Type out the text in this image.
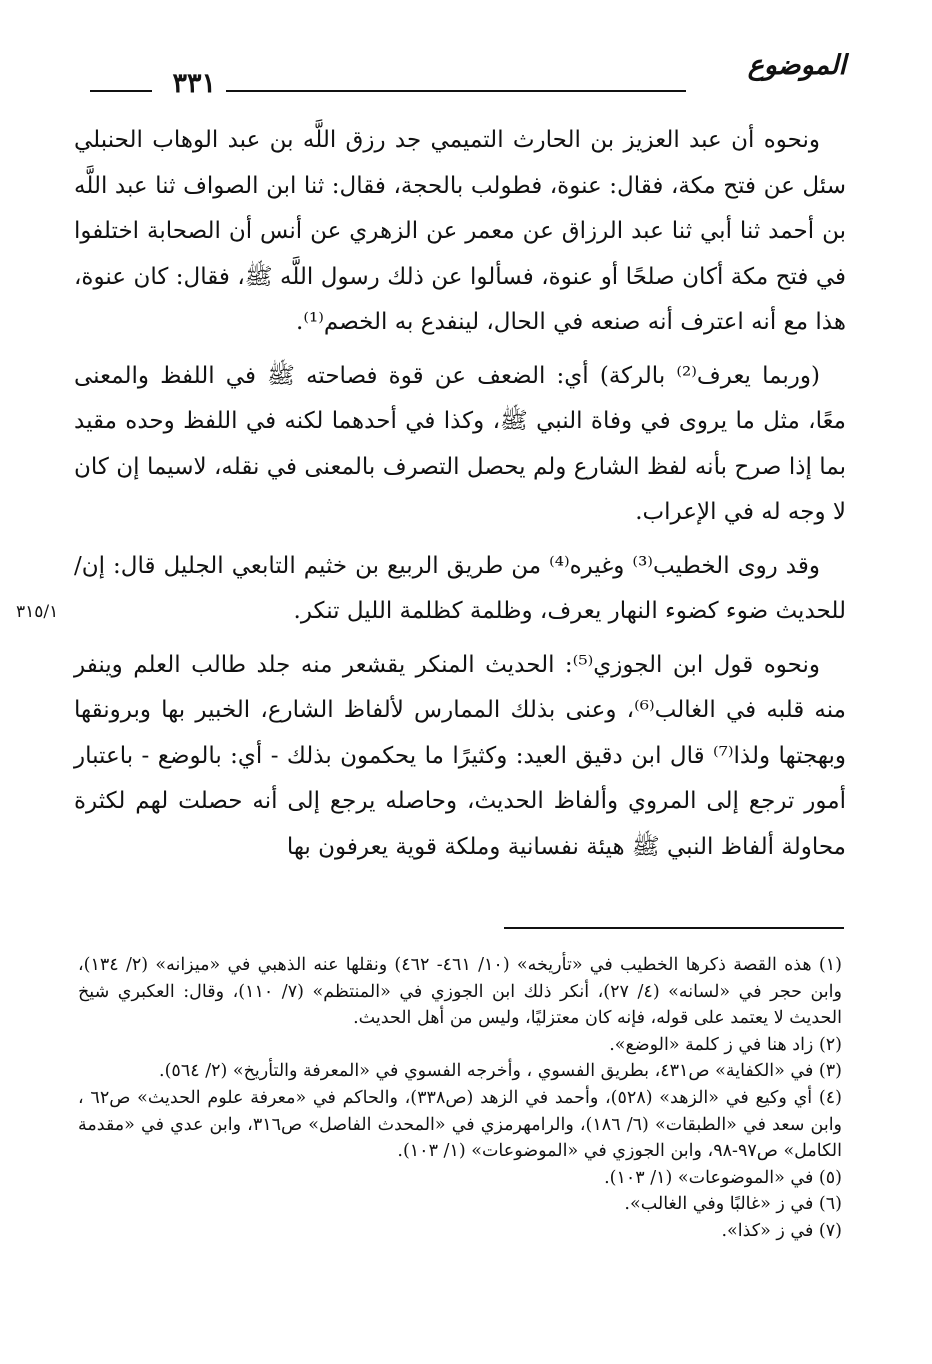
الموضوع
٣٣١

ونحوه أن عبد العزيز بن الحارث التميمي جد رزق اللَّه بن عبد الوهاب الحنبلي سئل عن فتح مكة، فقال: عنوة، فطولب بالحجة، فقال: ثنا ابن الصواف ثنا عبد اللَّه بن أحمد ثنا أبي ثنا عبد الرزاق عن معمر عن الزهري عن أنس أن الصحابة اختلفوا في فتح مكة أكان صلحًا أو عنوة، فسألوا عن ذلك رسول اللَّه ﷺ، فقال: كان عنوة، هذا مع أنه اعترف أنه صنعه في الحال، لينفدع به الخصم⁽¹⁾.

(وربما يعرف⁽²⁾ بالركة) أي: الضعف عن قوة فصاحته ﷺ في اللفظ والمعنى معًا، مثل ما يروى في وفاة النبي ﷺ، وكذا في أحدهما لكنه في اللفظ وحده مقيد بما إذا صرح بأنه لفظ الشارع ولم يحصل التصرف بالمعنى في نقله، لاسيما إن كان لا وجه له في الإعراب.

وقد روى الخطيب⁽³⁾ وغيره⁽⁴⁾ من طريق الربيع بن خثيم التابعي الجليل قال: إن/ للحديث ضوء كضوء النهار يعرف، وظلمة كظلمة الليل تنكر.

ونحوه قول ابن الجوزي⁽⁵⁾: الحديث المنكر يقشعر منه جلد طالب العلم وينفر منه قلبه في الغالب⁽⁶⁾، وعنى بذلك الممارس لألفاظ الشارع، الخبير بها وبرونقها وبهجتها ولذا⁽⁷⁾ قال ابن دقيق العيد: وكثيرًا ما يحكمون بذلك - أي: بالوضع - باعتبار أمور ترجع إلى المروي وألفاظ الحديث، وحاصله يرجع إلى أنه حصلت لهم لكثرة محاولة ألفاظ النبي ﷺ هيئة نفسانية وملكة قوية يعرفون بها

٣١٥/١

(١) هذه القصة ذكرها الخطيب في «تأريخه» (١٠/ ٤٦١- ٤٦٢) ونقلها عنه الذهبي في «ميزانه» (٢/ ١٣٤)، وابن حجر في «لسانه» (٤/ ٢٧)، أنكر ذلك ابن الجوزي في «المنتظم» (٧/ ١١٠)، وقال: العكبري شيخ الحديث لا يعتمد على قوله، فإنه كان معتزليًا، وليس من أهل الحديث.

(٢) زاد هنا في ز كلمة «الوضع».

(٣) في «الكفاية» ص٤٣١، بطريق الفسوي ، وأخرجه الفسوي في «المعرفة والتأريخ» (٢/ ٥٦٤).

(٤) أي وكيع في «الزهد» (٥٢٨)، وأحمد في الزهد (ص٣٣٨)، والحاكم في «معرفة علوم الحديث» ص٦٢ ، وابن سعد في «الطبقات» (٦/ ١٨٦)، والرامهرمزي في «المحدث الفاصل» ص٣١٦، وابن عدي في «مقدمة الكامل» ص٩٧-٩٨، وابن الجوزي في «الموضوعات» (١/ ١٠٣).

(٥) في «الموضوعات» (١/ ١٠٣).

(٦) في ز «غالبًا وفي الغالب».

(٧) في ز «كذا».
